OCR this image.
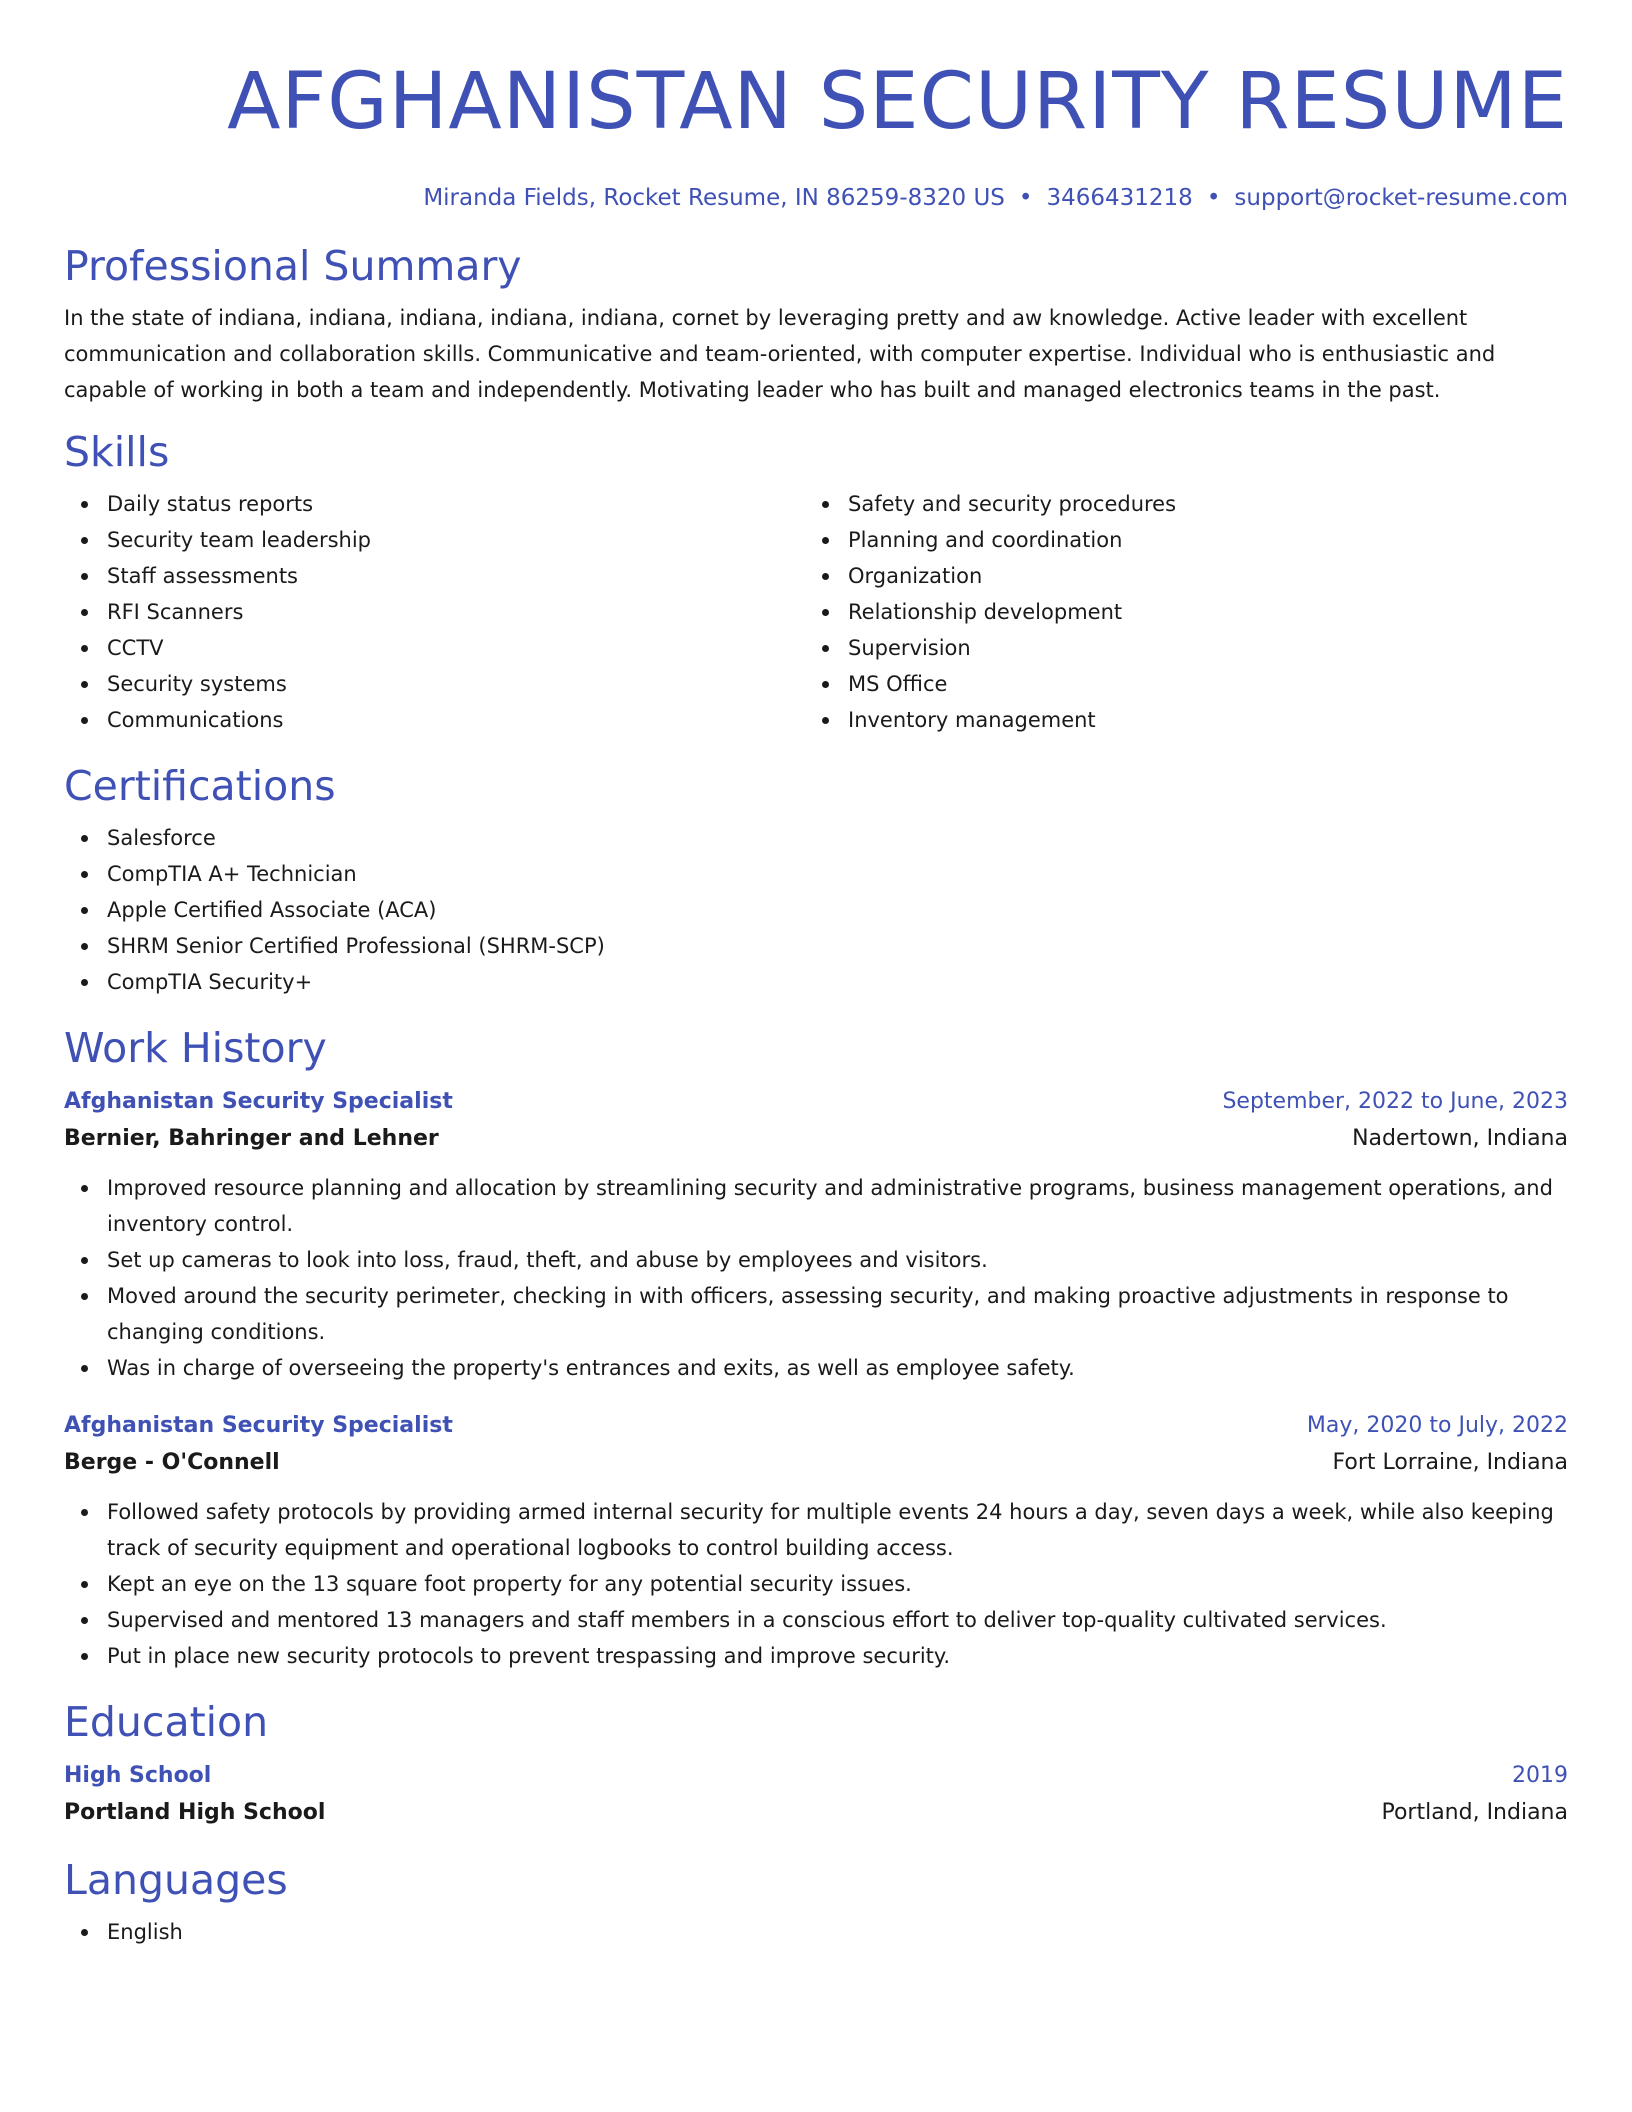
AFGHANISTAN SECURITY RESUME
Miranda Fields, Rocket Resume, IN 86259-8320 US • 3466431218 • support@rocket-resume.com
Professional Summary

In the state of indiana, indiana, indiana, indiana, indiana, cornet by leveraging pretty and aw knowledge. Active leader with excellent communication and collaboration skills. Communicative and team-oriented, with computer expertise. Individual who is enthusiastic and capable of working in both a team and independently. Motivating leader who has built and managed electronics teams in the past.

Skills
Daily status reports
Security team leadership
Staff assessments
RFI Scanners
CCTV
Security systems
Communications
Safety and security procedures
Planning and coordination
Organization
Relationship development
Supervision
MS Office
Inventory management
Certifications
Salesforce
CompTIA A+ Technician
Apple Certified Associate (ACA)
SHRM Senior Certified Professional (SHRM-SCP)
CompTIA Security+
Work History
Afghanistan Security Specialist	September, 2022 to June, 2023
Bernier, Bahringer and Lehner	Nadertown, Indiana
Improved resource planning and allocation by streamlining security and administrative programs, business management operations, and inventory control.
Set up cameras to look into loss, fraud, theft, and abuse by employees and visitors.
Moved around the security perimeter, checking in with officers, assessing security, and making proactive adjustments in response to changing conditions.
Was in charge of overseeing the property's entrances and exits, as well as employee safety.
Afghanistan Security Specialist	May, 2020 to July, 2022
Berge - O'Connell	Fort Lorraine, Indiana
Followed safety protocols by providing armed internal security for multiple events 24 hours a day, seven days a week, while also keeping track of security equipment and operational logbooks to control building access.
Kept an eye on the 13 square foot property for any potential security issues.
Supervised and mentored 13 managers and staff members in a conscious effort to deliver top-quality cultivated services.
Put in place new security protocols to prevent trespassing and improve security.
Education
High School	2019
Portland High School	Portland, Indiana
Languages
English
